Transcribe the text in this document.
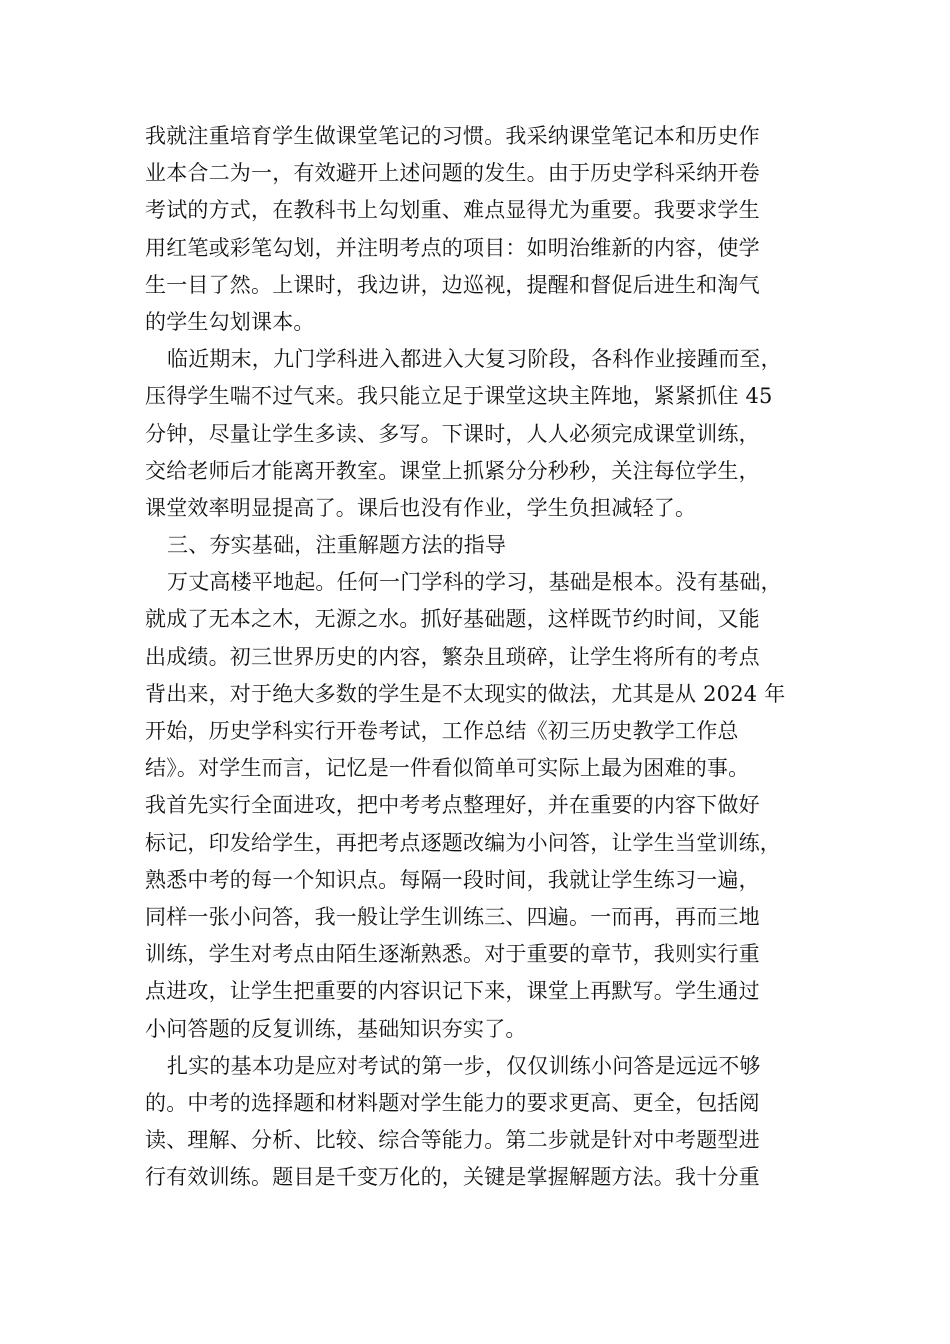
我就注重培育学生做课堂笔记的习惯。我采纳课堂笔记本和历史作
业本合二为一，有效避开上述问题的发生。由于历史学科采纳开卷
考试的方式，在教科书上勾划重、难点显得尤为重要。我要求学生
用红笔或彩笔勾划，并注明考点的项目：如明治维新的内容，使学
生一目了然。上课时，我边讲，边巡视，提醒和督促后进生和淘气
的学生勾划课本。
临近期末，九门学科进入都进入大复习阶段，各科作业接踵而至，
压得学生喘不过气来。我只能立足于课堂这块主阵地，紧紧抓住 45
分钟，尽量让学生多读、多写。下课时，人人必须完成课堂训练，
交给老师后才能离开教室。课堂上抓紧分分秒秒，关注每位学生，
课堂效率明显提高了。课后也没有作业，学生负担减轻了。
三、夯实基础，注重解题方法的指导
万丈高楼平地起。任何一门学科的学习，基础是根本。没有基础，
就成了无本之木，无源之水。抓好基础题，这样既节约时间，又能
出成绩。初三世界历史的内容，繁杂且琐碎，让学生将所有的考点
背出来，对于绝大多数的学生是不太现实的做法，尤其是从 2024 年
开始，历史学科实行开卷考试，工作总结《初三历史教学工作总
结》。对学生而言，记忆是一件看似简单可实际上最为困难的事。
我首先实行全面进攻，把中考考点整理好，并在重要的内容下做好
标记，印发给学生，再把考点逐题改编为小问答，让学生当堂训练，
熟悉中考的每一个知识点。每隔一段时间，我就让学生练习一遍，
同样一张小问答，我一般让学生训练三、四遍。一而再，再而三地
训练，学生对考点由陌生逐渐熟悉。对于重要的章节，我则实行重
点进攻，让学生把重要的内容识记下来，课堂上再默写。学生通过
小问答题的反复训练，基础知识夯实了。
扎实的基本功是应对考试的第一步，仅仅训练小问答是远远不够
的。中考的选择题和材料题对学生能力的要求更高、更全，包括阅
读、理解、分析、比较、综合等能力。第二步就是针对中考题型进
行有效训练。题目是千变万化的，关键是掌握解题方法。我十分重
